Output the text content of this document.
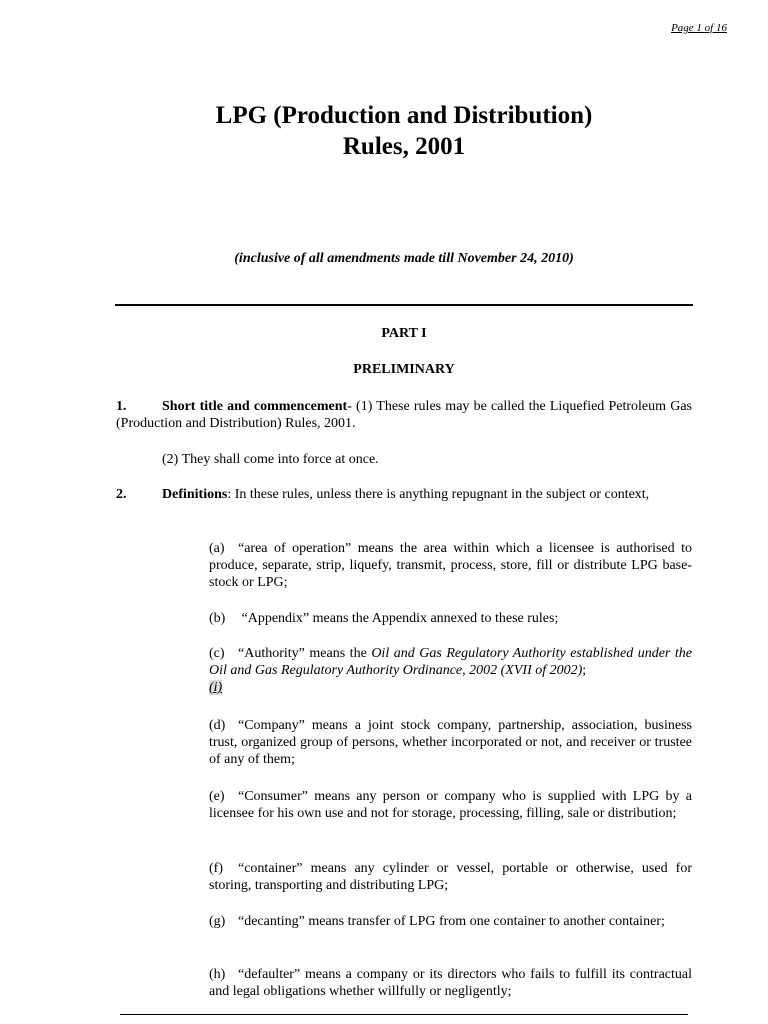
Page 1 of 16
LPG (Production and Distribution)
Rules, 2001
(inclusive of all amendments made till November 24, 2010)
PART I
PRELIMINARY
1.	Short title and commencement- (1) These rules may be called the Liquefied Petroleum Gas (Production and Distribution) Rules, 2001.
(2) They shall come into force at once.
2.	Definitions: In these rules, unless there is anything repugnant in the subject or context,
(a) “area of operation” means the area within which a licensee is authorised to produce, separate, strip, liquefy, transmit, process, store, fill or distribute LPG base-stock or LPG;
(b) “Appendix” means the Appendix annexed to these rules;
(c) “Authority” means the Oil and Gas Regulatory Authority established under the Oil and Gas Regulatory Authority Ordinance, 2002 (XVII of 2002);
(i)
(d) “Company” means a joint stock company, partnership, association, business trust, organized group of persons, whether incorporated or not, and receiver or trustee of any of them;
(e) “Consumer” means any person or company who is supplied with LPG by a licensee for his own use and not for storage, processing, filling, sale or distribution;
(f) “container” means any cylinder or vessel, portable or otherwise, used for storing, transporting and distributing LPG;
(g) “decanting” means transfer of LPG from one container to another container;
(h) “defaulter” means a company or its directors who fails to fulfill its contractual and legal obligations whether willfully or negligently;
